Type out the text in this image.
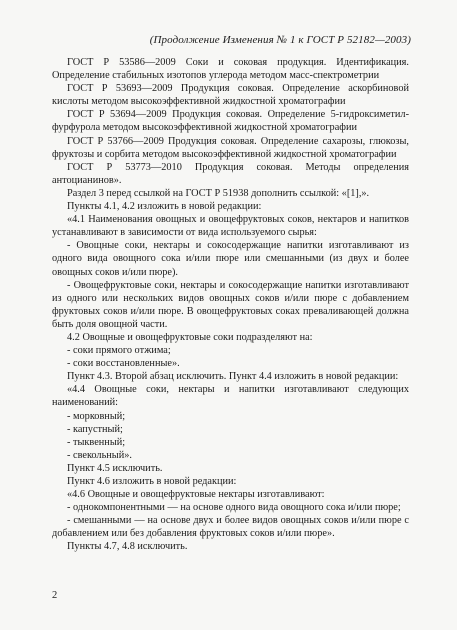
(Продолжение Изменения № 1 к ГОСТ Р 52182—2003)

ГОСТ Р 53586—2009 Соки и соковая продукция. Идентификация. Определение стабильных изотопов углерода методом масс-спектрометрии

ГОСТ Р 53693—2009 Продукция соковая. Определение аскорбиновой кислоты методом высокоэффективной жидкостной хроматографии

ГОСТ Р 53694—2009 Продукция соковая. Определение 5-гидроксиметил-фурфурола методом высокоэффективной жидкостной хроматографии

ГОСТ Р 53766—2009 Продукция соковая. Определение сахарозы, глюкозы, фруктозы и сорбита методом высокоэффективной жидкостной хроматографии

ГОСТ Р 53773—2010 Продукция соковая. Методы определения антоцианинов».

Раздел 3 перед ссылкой на ГОСТ Р 51938 дополнить ссылкой: «[1],».

Пункты 4.1, 4.2 изложить в новой редакции:

«4.1 Наименования овощных и овощефруктовых соков, нектаров и напитков устанавливают в зависимости от вида используемого сырья:

- Овощные соки, нектары и сокосодержащие напитки изготавливают из одного вида овощного сока и/или пюре или смешанными (из двух и более овощных соков и/или пюре).

- Овощефруктовые соки, нектары и сокосодержащие напитки изготавливают из одного или нескольких видов овощных соков и/или пюре с добавлением фруктовых соков и/или пюре. В овощефруктовых соках преваливающей должна быть доля овощной части.

4.2 Овощные и овощефруктовые соки подразделяют на:

- соки прямого отжима;

- соки восстановленные».

Пункт 4.3. Второй абзац исключить. Пункт 4.4 изложить в новой редакции:

«4.4 Овощные соки, нектары и напитки изготавливают следующих наименований:

- морковный;

- капустный;

- тыквенный;

- свекольный».

Пункт 4.5 исключить.

Пункт 4.6 изложить в новой редакции:

«4.6 Овощные и овощефруктовые нектары изготавливают:

- однокомпонентными — на основе одного вида овощного сока и/или пюре;

- смешанными — на основе двух и более видов овощных соков и/или пюре с добавлением или без добавления фруктовых соков и/или пюре».

Пункты 4.7, 4.8 исключить.

2
